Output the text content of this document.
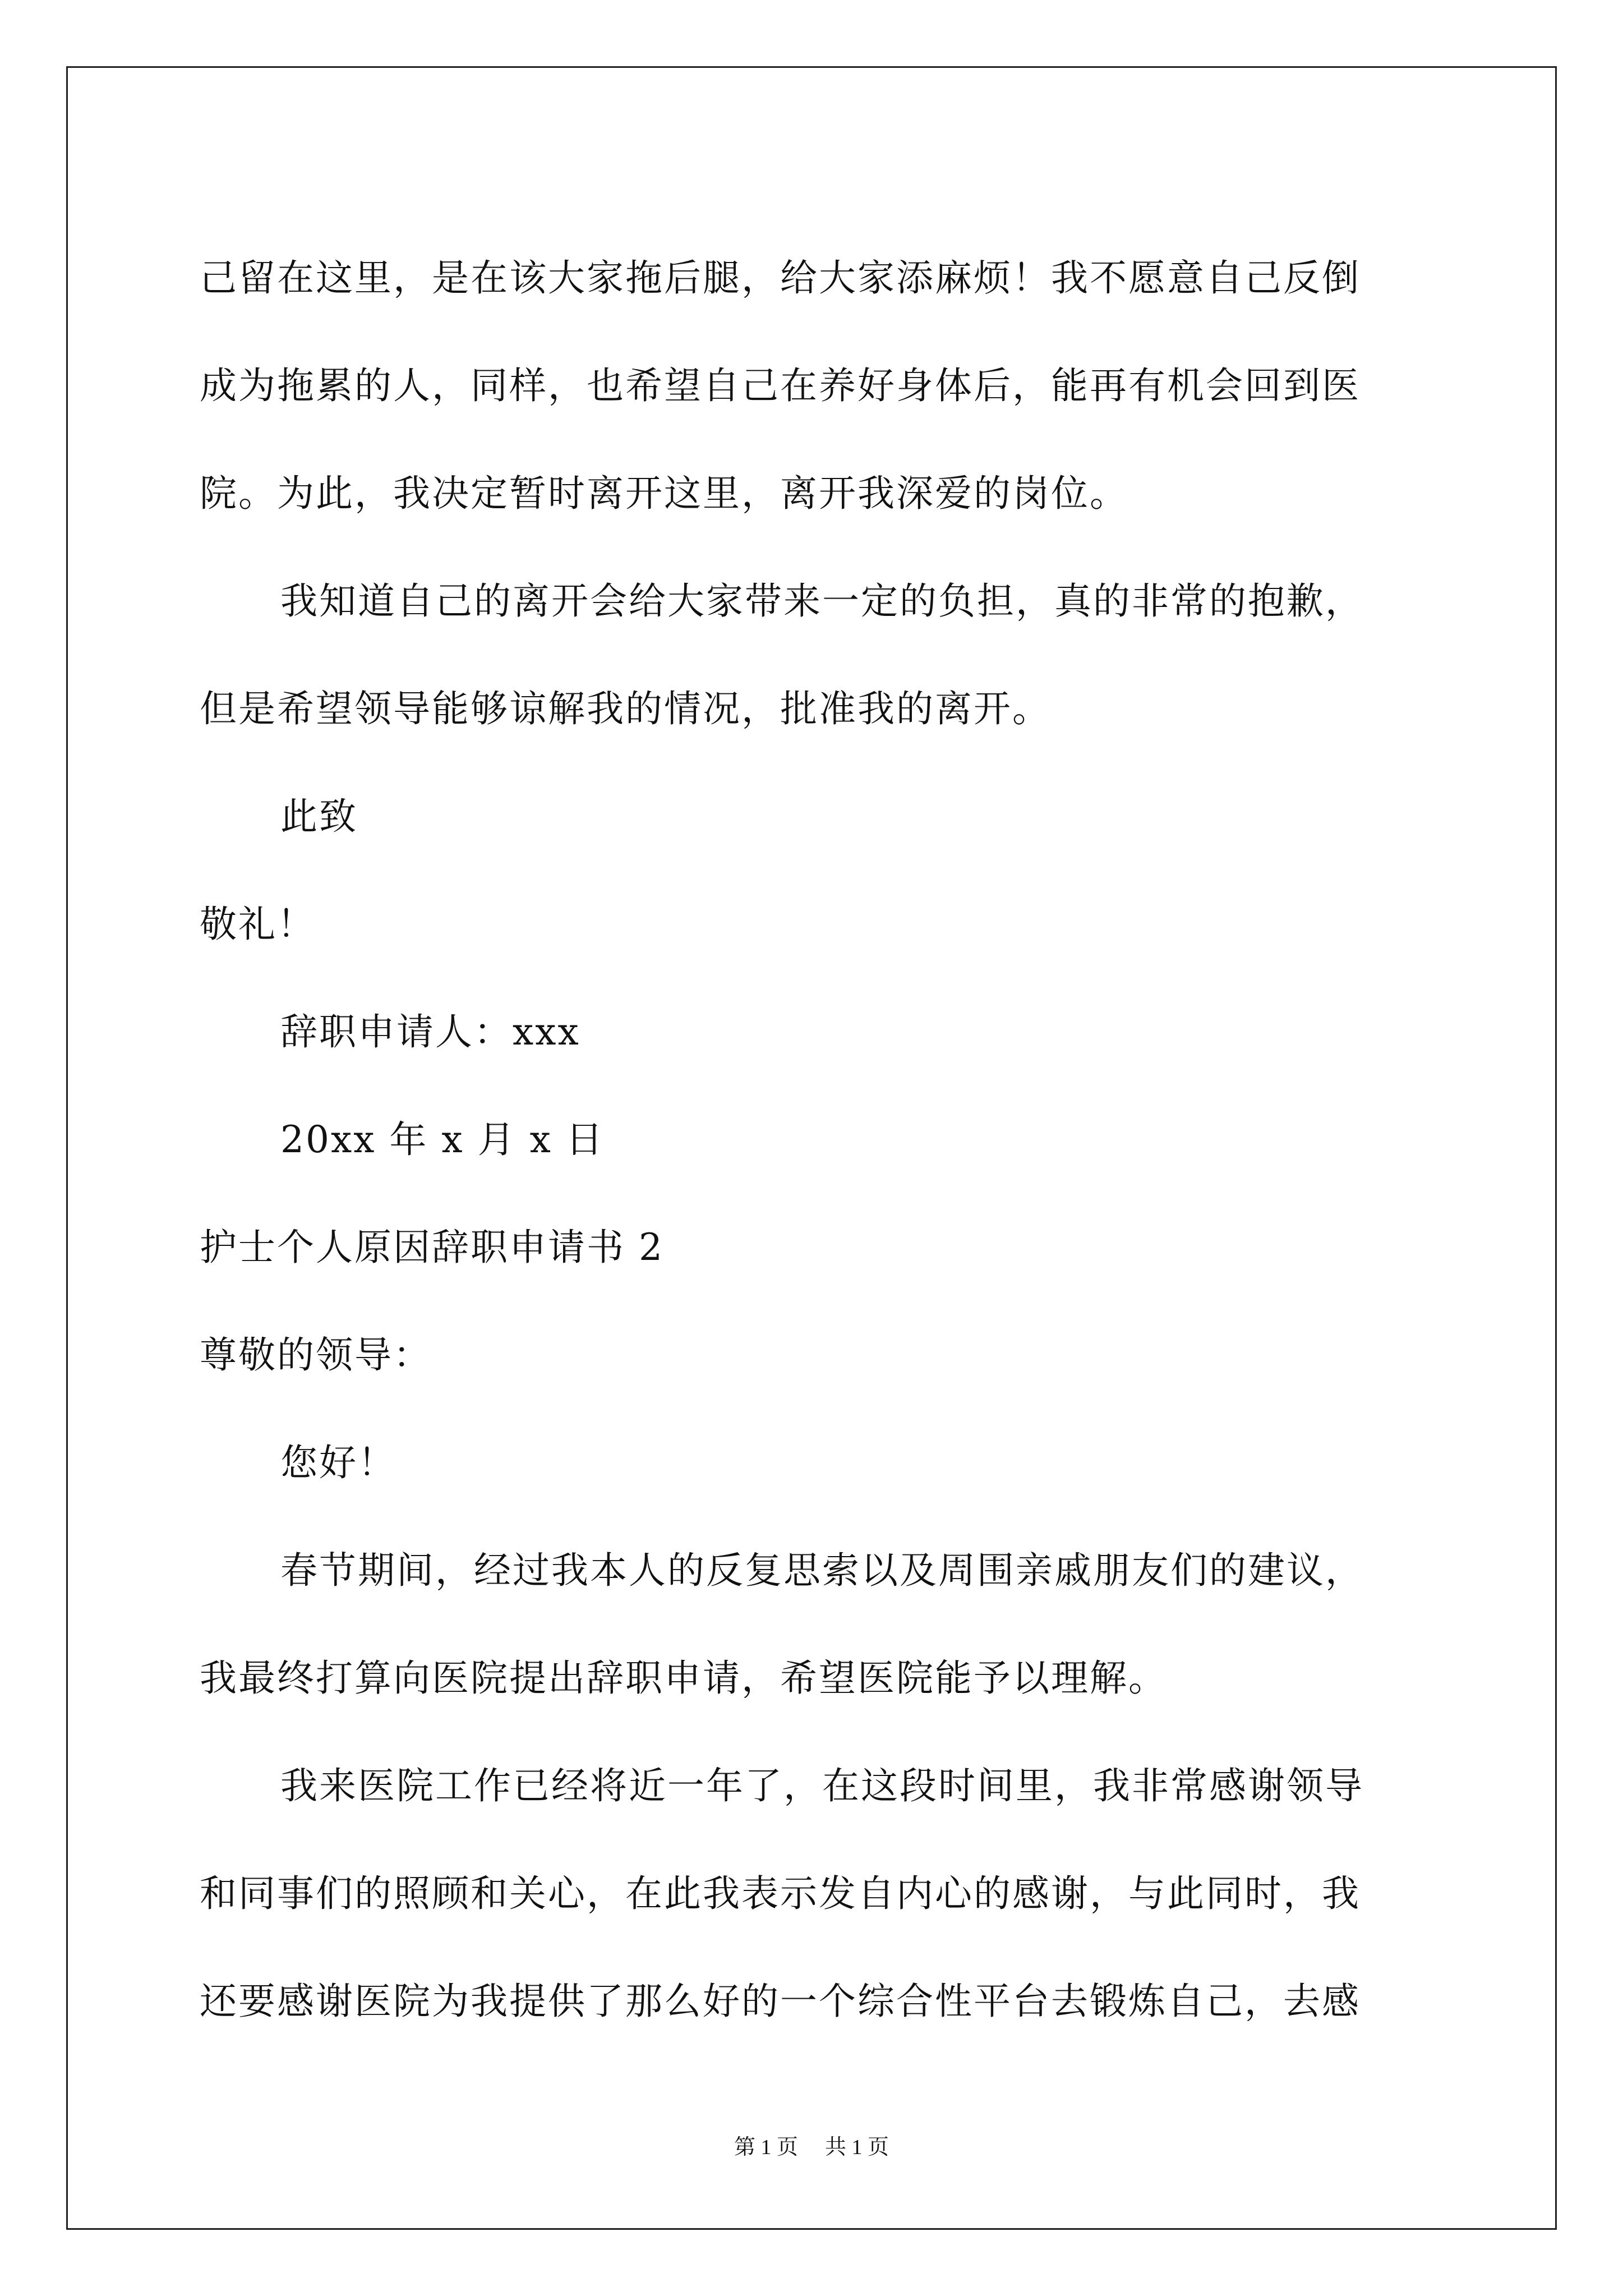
己留在这里，是在该大家拖后腿，给大家添麻烦！我不愿意自己反倒
成为拖累的人，同样，也希望自己在养好身体后，能再有机会回到医
院。为此，我决定暂时离开这里，离开我深爱的岗位。
我知道自己的离开会给大家带来一定的负担，真的非常的抱歉，
但是希望领导能够谅解我的情况，批准我的离开。
此致
敬礼！
辞职申请人：xxx
20xx 年 x 月 x 日
护士个人原因辞职申请书 2
尊敬的领导：
您好！
春节期间，经过我本人的反复思索以及周围亲戚朋友们的建议，
我最终打算向医院提出辞职申请，希望医院能予以理解。
我来医院工作已经将近一年了，在这段时间里，我非常感谢领导
和同事们的照顾和关心，在此我表示发自内心的感谢，与此同时，我
还要感谢医院为我提供了那么好的一个综合性平台去锻炼自己，去感
第 1 页 共 1 页
